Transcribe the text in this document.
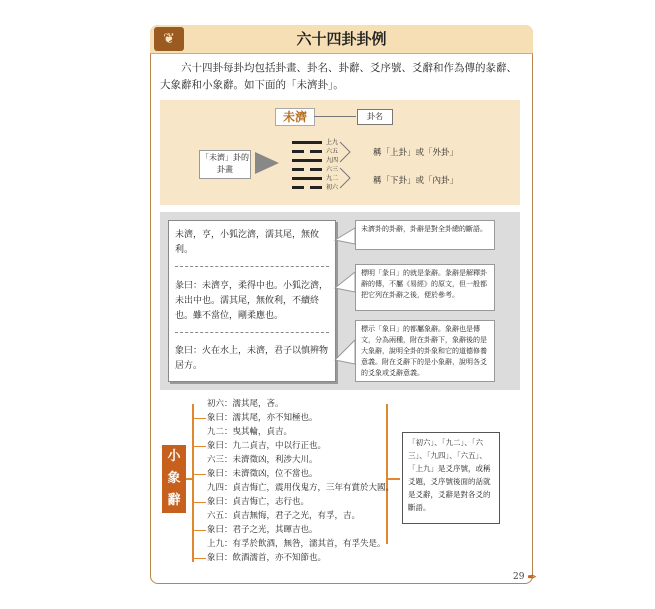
❦	六十四卦卦例
六十四卦每卦均包括卦畫、卦名、卦辭、爻序號、爻辭和作為傳的彖辭、大象辭和小象辭。如下面的「未濟卦」。
未濟	卦名
「未濟」卦的卦畫
上九
六五
九四
六三
九二
初六
稱「上卦」或「外卦」
稱「下卦」或「內卦」
未濟，亨，小狐汔濟，濡其尾，無攸利。
彖曰：未濟亨，柔得中也。小狐汔濟，未出中也。濡其尾，無攸利，不續終也。雖不當位，剛柔應也。
象曰：火在水上，未濟，君子以慎辨物居方。
未濟卦的卦辭，卦辭是對全卦總的斷語。
標明「彖曰」的就是彖辭。彖辭是解釋卦辭的傳，不屬《易經》的原文，但一般都把它列在卦辭之後，便於參考。
標示「象曰」的都屬象辭。象辭也是傳文，分為兩種，附在卦辭下，象辭後的是大象辭，說明全卦的卦象和它的道德修養意義。附在爻辭下的是小象辭，說明各爻的爻象或爻辭意義。
小象辭
初六：濡其尾，吝。
象曰：濡其尾，亦不知極也。
九二：曳其輪，貞吉。
象曰：九二貞吉，中以行正也。
六三：未濟徵凶，利涉大川。
象曰：未濟徵凶，位不當也。
九四：貞吉悔亡，震用伐鬼方，三年有賞於大國。
象曰：貞吉悔亡，志行也。
六五：貞吉無悔，君子之光，有孚，吉。
象曰：君子之光，其暉吉也。
上九：有孚於飲酒，無咎，濡其首，有孚失是。
象曰：飲酒濡首，亦不知節也。
「初六」、「九二」、「六三」、「九四」、「六五」、「上九」是爻序號，或稱爻題，爻序號後面的話就是爻辭，爻辭是對各爻的斷語。
29 ✒
